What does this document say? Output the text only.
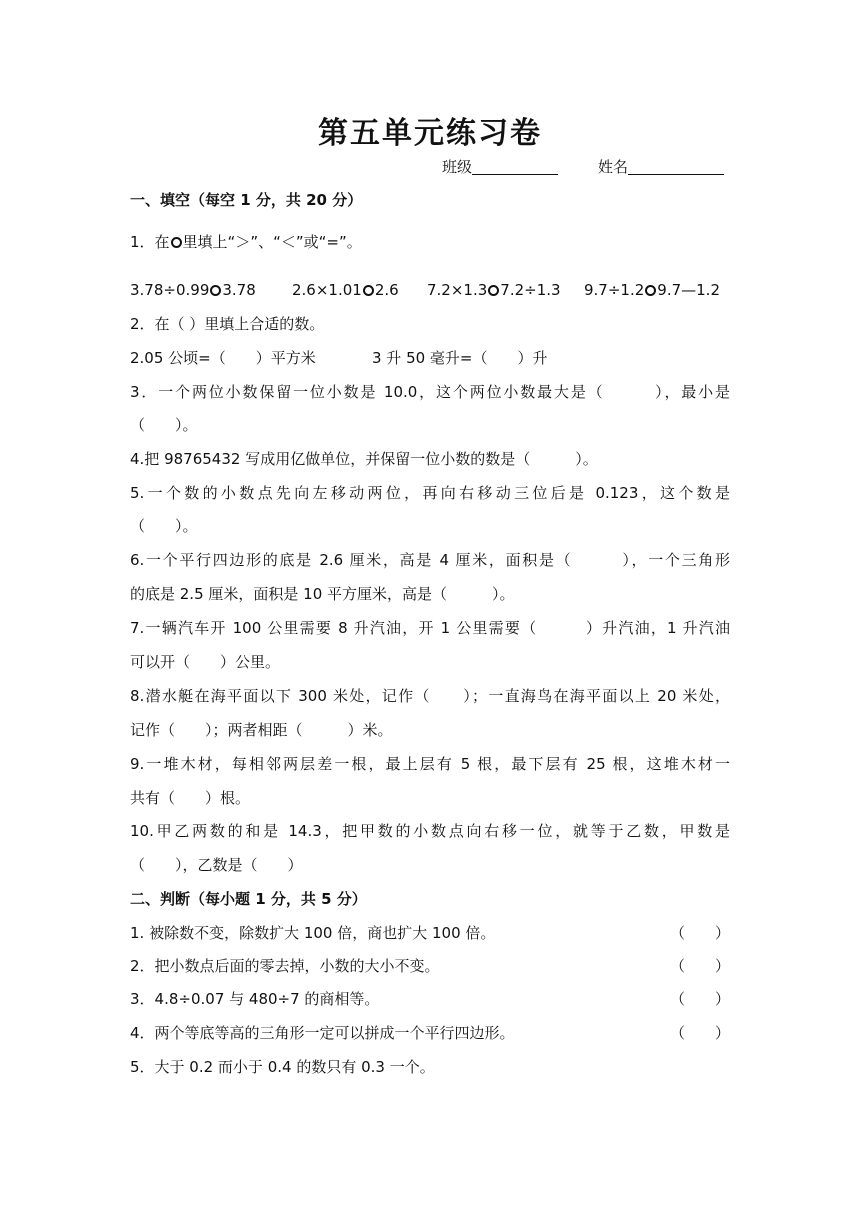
第五单元练习卷
班级	姓名
一、填空（每空 1 分，共 20 分）
1．在 里填上“＞”、“＜”或“=”。
3.78÷0.99 3.78 2.6×1.01 2.6 7.2×1.3 7.2÷1.3 9.7÷1.2 9.7—1.2
2．在（ ）里填上合适的数。
2.05 公顷=（　　）平方米	3 升 50 毫升=（　　）升
3．一个两位小数保留一位小数是 10.0，这个两位小数最大是（　　　），最小是
（　　）。
4.把 98765432 写成用亿做单位，并保留一位小数的数是（　　　）。
5.一个数的小数点先向左移动两位，再向右移动三位后是 0.123，这个数是
（　　）。
6.一个平行四边形的底是 2.6 厘米，高是 4 厘米，面积是（　　　），一个三角形
的底是 2.5 厘米，面积是 10 平方厘米，高是（　　　）。
7.一辆汽车开 100 公里需要 8 升汽油，开 1 公里需要（　　　）升汽油，1 升汽油
可以开（　　）公里。
8.潜水艇在海平面以下 300 米处，记作（　　）；一直海鸟在海平面以上 20 米处，
记作（　　）；两者相距（　　　）米。
9.一堆木材，每相邻两层差一根，最上层有 5 根，最下层有 25 根，这堆木材一
共有（　　）根。
10.甲乙两数的和是 14.3，把甲数的小数点向右移一位，就等于乙数，甲数是
（　　），乙数是（　　）
二、判断（每小题 1 分，共 5 分）
1. 被除数不变，除数扩大 100 倍，商也扩大 100 倍。	（ ）
2．把小数点后面的零去掉，小数的大小不变。	（ ）
3．4.8÷0.07 与 480÷7 的商相等。	（ ）
4．两个等底等高的三角形一定可以拼成一个平行四边形。	（ ）
5．大于 0.2 而小于 0.4 的数只有 0.3 一个。
